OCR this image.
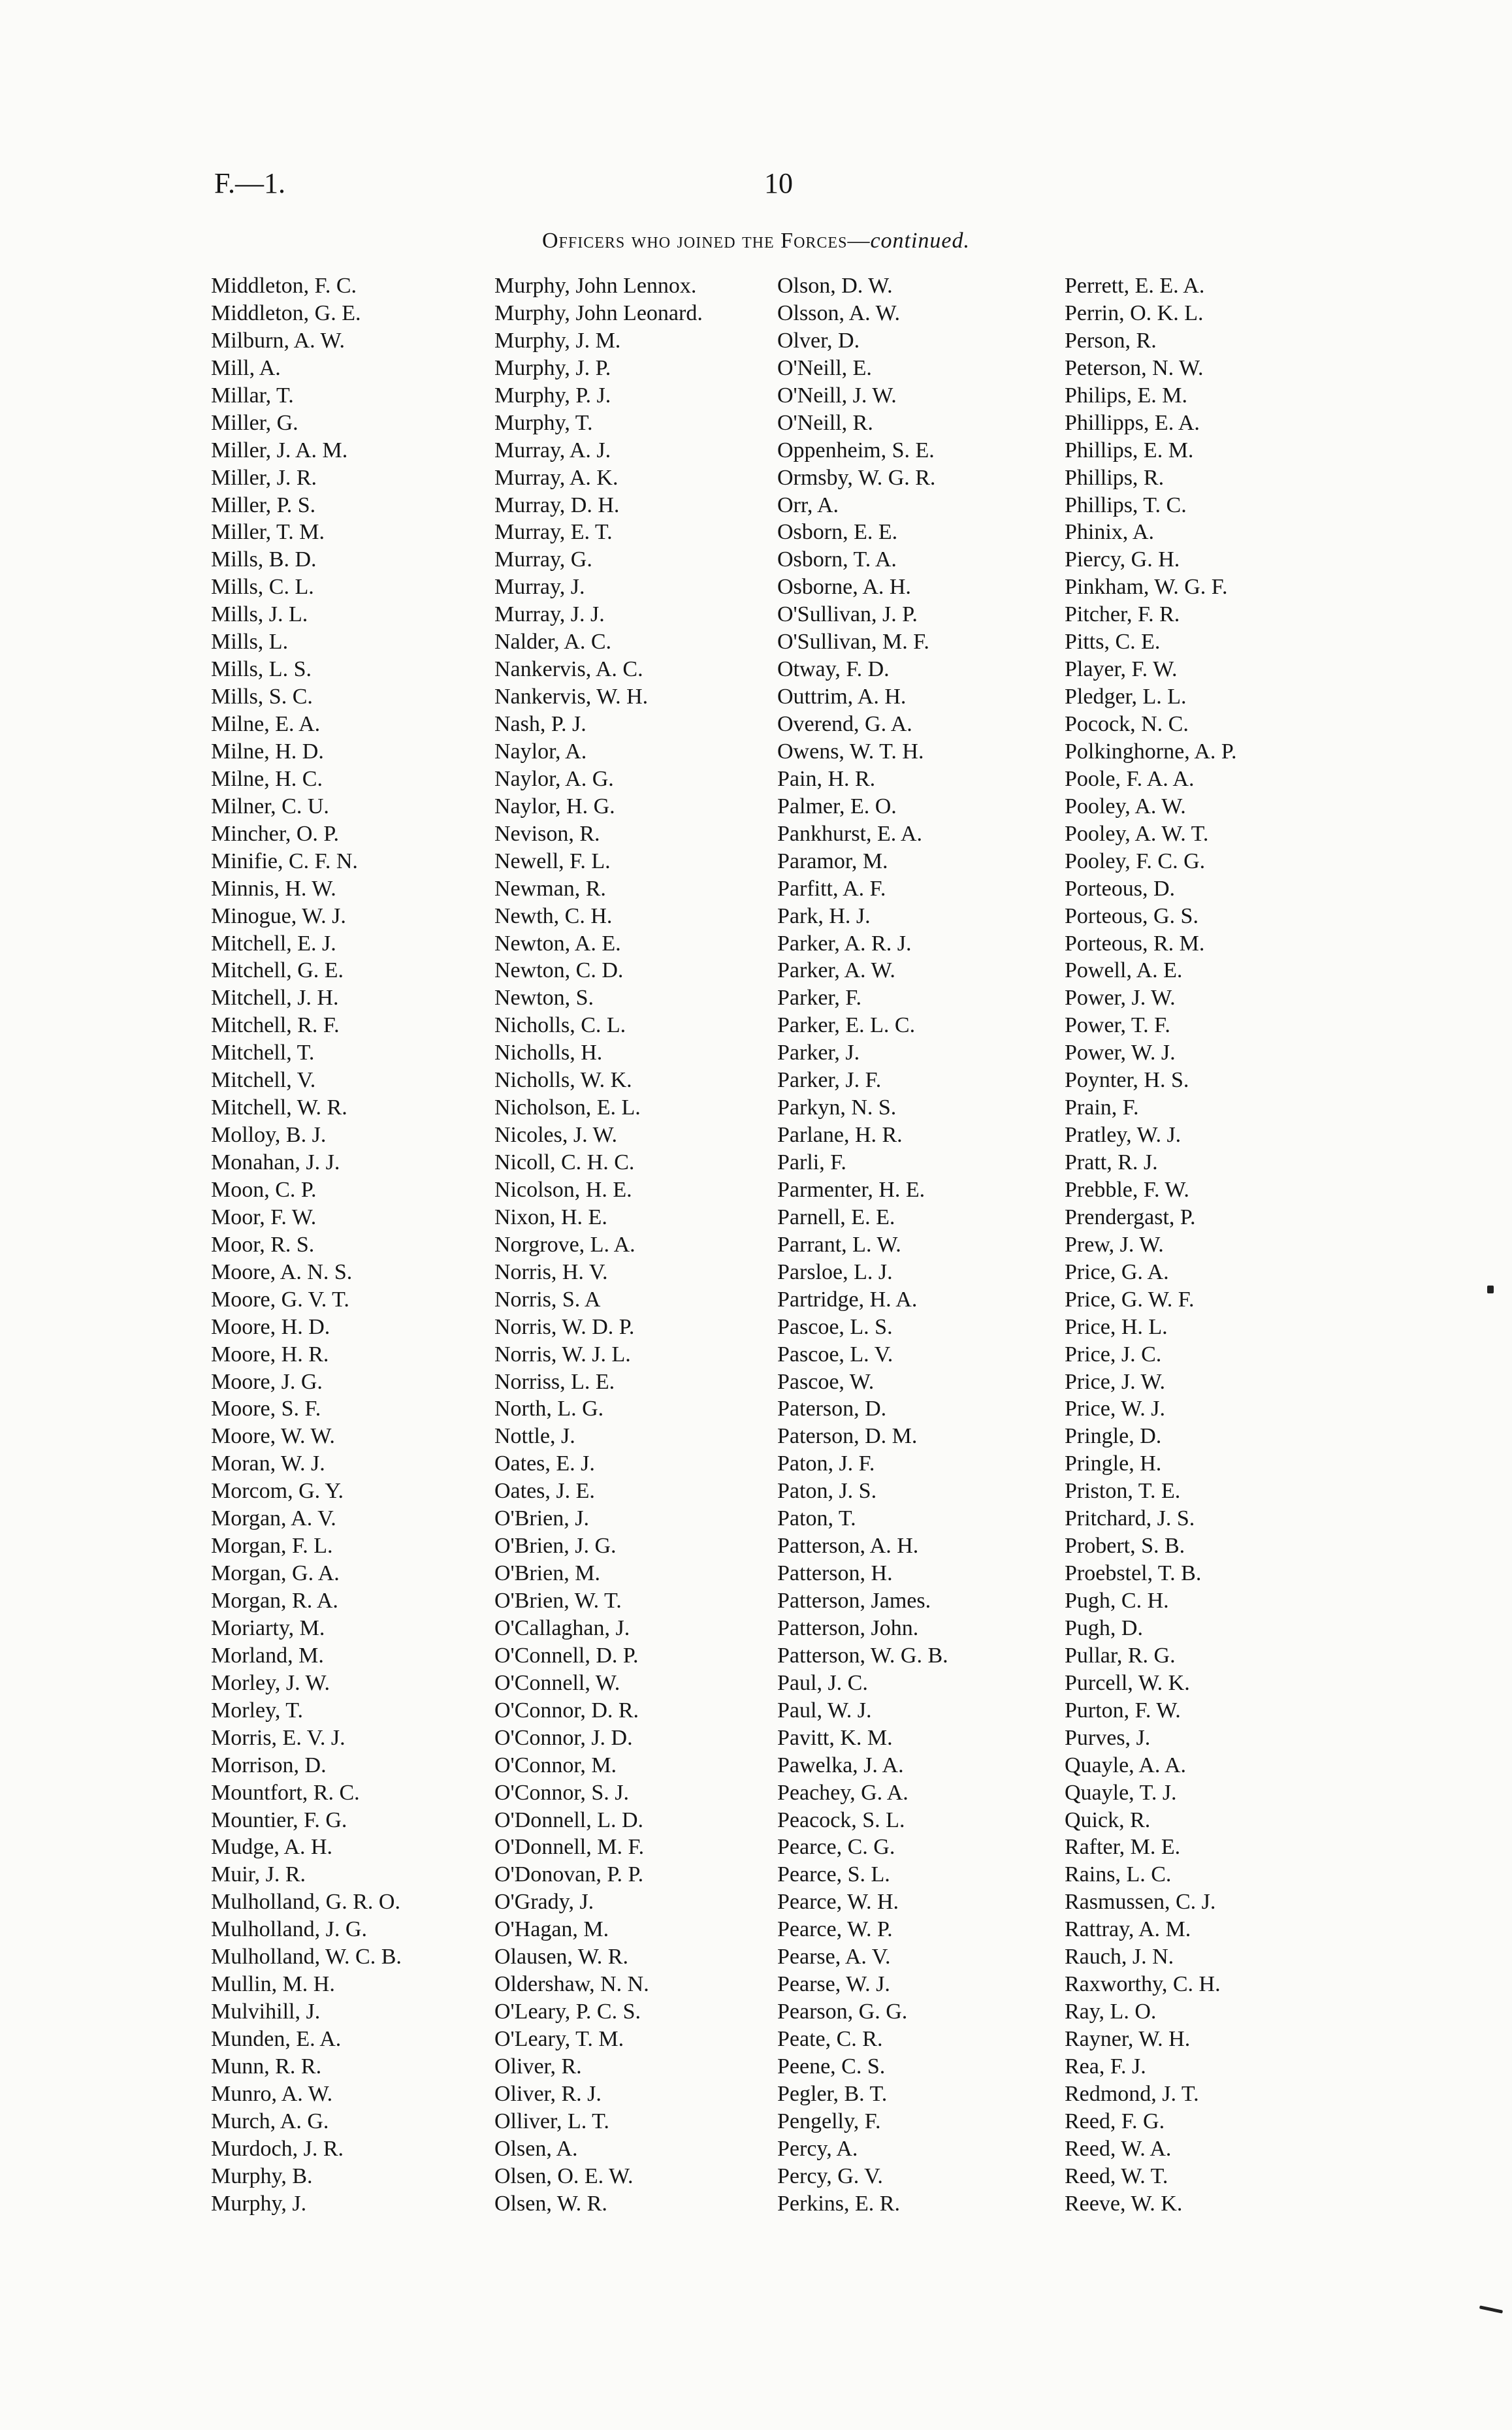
F.—1.	10
Officers who joined the Forces—continued.
Middleton, F. C.
Middleton, G. E.
Milburn, A. W.
Mill, A.
Millar, T.
Miller, G.
Miller, J. A. M.
Miller, J. R.
Miller, P. S.
Miller, T. M.
Mills, B. D.
Mills, C. L.
Mills, J. L.
Mills, L.
Mills, L. S.
Mills, S. C.
Milne, E. A.
Milne, H. D.
Milne, H. C.
Milner, C. U.
Mincher, O. P.
Minifie, C. F. N.
Minnis, H. W.
Minogue, W. J.
Mitchell, E. J.
Mitchell, G. E.
Mitchell, J. H.
Mitchell, R. F.
Mitchell, T.
Mitchell, V.
Mitchell, W. R.
Molloy, B. J.
Monahan, J. J.
Moon, C. P.
Moor, F. W.
Moor, R. S.
Moore, A. N. S.
Moore, G. V. T.
Moore, H. D.
Moore, H. R.
Moore, J. G.
Moore, S. F.
Moore, W. W.
Moran, W. J.
Morcom, G. Y.
Morgan, A. V.
Morgan, F. L.
Morgan, G. A.
Morgan, R. A.
Moriarty, M.
Morland, M.
Morley, J. W.
Morley, T.
Morris, E. V. J.
Morrison, D.
Mountfort, R. C.
Mountier, F. G.
Mudge, A. H.
Muir, J. R.
Mulholland, G. R. O.
Mulholland, J. G.
Mulholland, W. C. B.
Mullin, M. H.
Mulvihill, J.
Munden, E. A.
Munn, R. R.
Munro, A. W.
Murch, A. G.
Murdoch, J. R.
Murphy, B.
Murphy, J.
Murphy, John Lennox.
Murphy, John Leonard.
Murphy, J. M.
Murphy, J. P.
Murphy, P. J.
Murphy, T.
Murray, A. J.
Murray, A. K.
Murray, D. H.
Murray, E. T.
Murray, G.
Murray, J.
Murray, J. J.
Nalder, A. C.
Nankervis, A. C.
Nankervis, W. H.
Nash, P. J.
Naylor, A.
Naylor, A. G.
Naylor, H. G.
Nevison, R.
Newell, F. L.
Newman, R.
Newth, C. H.
Newton, A. E.
Newton, C. D.
Newton, S.
Nicholls, C. L.
Nicholls, H.
Nicholls, W. K.
Nicholson, E. L.
Nicoles, J. W.
Nicoll, C. H. C.
Nicolson, H. E.
Nixon, H. E.
Norgrove, L. A.
Norris, H. V.
Norris, S. A
Norris, W. D. P.
Norris, W. J. L.
Norriss, L. E.
North, L. G.
Nottle, J.
Oates, E. J.
Oates, J. E.
O'Brien, J.
O'Brien, J. G.
O'Brien, M.
O'Brien, W. T.
O'Callaghan, J.
O'Connell, D. P.
O'Connell, W.
O'Connor, D. R.
O'Connor, J. D.
O'Connor, M.
O'Connor, S. J.
O'Donnell, L. D.
O'Donnell, M. F.
O'Donovan, P. P.
O'Grady, J.
O'Hagan, M.
Olausen, W. R.
Oldershaw, N. N.
O'Leary, P. C. S.
O'Leary, T. M.
Oliver, R.
Oliver, R. J.
Olliver, L. T.
Olsen, A.
Olsen, O. E. W.
Olsen, W. R.
Olson, D. W.
Olsson, A. W.
Olver, D.
O'Neill, E.
O'Neill, J. W.
O'Neill, R.
Oppenheim, S. E.
Ormsby, W. G. R.
Orr, A.
Osborn, E. E.
Osborn, T. A.
Osborne, A. H.
O'Sullivan, J. P.
O'Sullivan, M. F.
Otway, F. D.
Outtrim, A. H.
Overend, G. A.
Owens, W. T. H.
Pain, H. R.
Palmer, E. O.
Pankhurst, E. A.
Paramor, M.
Parfitt, A. F.
Park, H. J.
Parker, A. R. J.
Parker, A. W.
Parker, F.
Parker, E. L. C.
Parker, J.
Parker, J. F.
Parkyn, N. S.
Parlane, H. R.
Parli, F.
Parmenter, H. E.
Parnell, E. E.
Parrant, L. W.
Parsloe, L. J.
Partridge, H. A.
Pascoe, L. S.
Pascoe, L. V.
Pascoe, W.
Paterson, D.
Paterson, D. M.
Paton, J. F.
Paton, J. S.
Paton, T.
Patterson, A. H.
Patterson, H.
Patterson, James.
Patterson, John.
Patterson, W. G. B.
Paul, J. C.
Paul, W. J.
Pavitt, K. M.
Pawelka, J. A.
Peachey, G. A.
Peacock, S. L.
Pearce, C. G.
Pearce, S. L.
Pearce, W. H.
Pearce, W. P.
Pearse, A. V.
Pearse, W. J.
Pearson, G. G.
Peate, C. R.
Peene, C. S.
Pegler, B. T.
Pengelly, F.
Percy, A.
Percy, G. V.
Perkins, E. R.
Perrett, E. E. A.
Perrin, O. K. L.
Person, R.
Peterson, N. W.
Philips, E. M.
Phillipps, E. A.
Phillips, E. M.
Phillips, R.
Phillips, T. C.
Phinix, A.
Piercy, G. H.
Pinkham, W. G. F.
Pitcher, F. R.
Pitts, C. E.
Player, F. W.
Pledger, L. L.
Pocock, N. C.
Polkinghorne, A. P.
Poole, F. A. A.
Pooley, A. W.
Pooley, A. W. T.
Pooley, F. C. G.
Porteous, D.
Porteous, G. S.
Porteous, R. M.
Powell, A. E.
Power, J. W.
Power, T. F.
Power, W. J.
Poynter, H. S.
Prain, F.
Pratley, W. J.
Pratt, R. J.
Prebble, F. W.
Prendergast, P.
Prew, J. W.
Price, G. A.
Price, G. W. F.
Price, H. L.
Price, J. C.
Price, J. W.
Price, W. J.
Pringle, D.
Pringle, H.
Priston, T. E.
Pritchard, J. S.
Probert, S. B.
Proebstel, T. B.
Pugh, C. H.
Pugh, D.
Pullar, R. G.
Purcell, W. K.
Purton, F. W.
Purves, J.
Quayle, A. A.
Quayle, T. J.
Quick, R.
Rafter, M. E.
Rains, L. C.
Rasmussen, C. J.
Rattray, A. M.
Rauch, J. N.
Raxworthy, C. H.
Ray, L. O.
Rayner, W. H.
Rea, F. J.
Redmond, J. T.
Reed, F. G.
Reed, W. A.
Reed, W. T.
Reeve, W. K.
